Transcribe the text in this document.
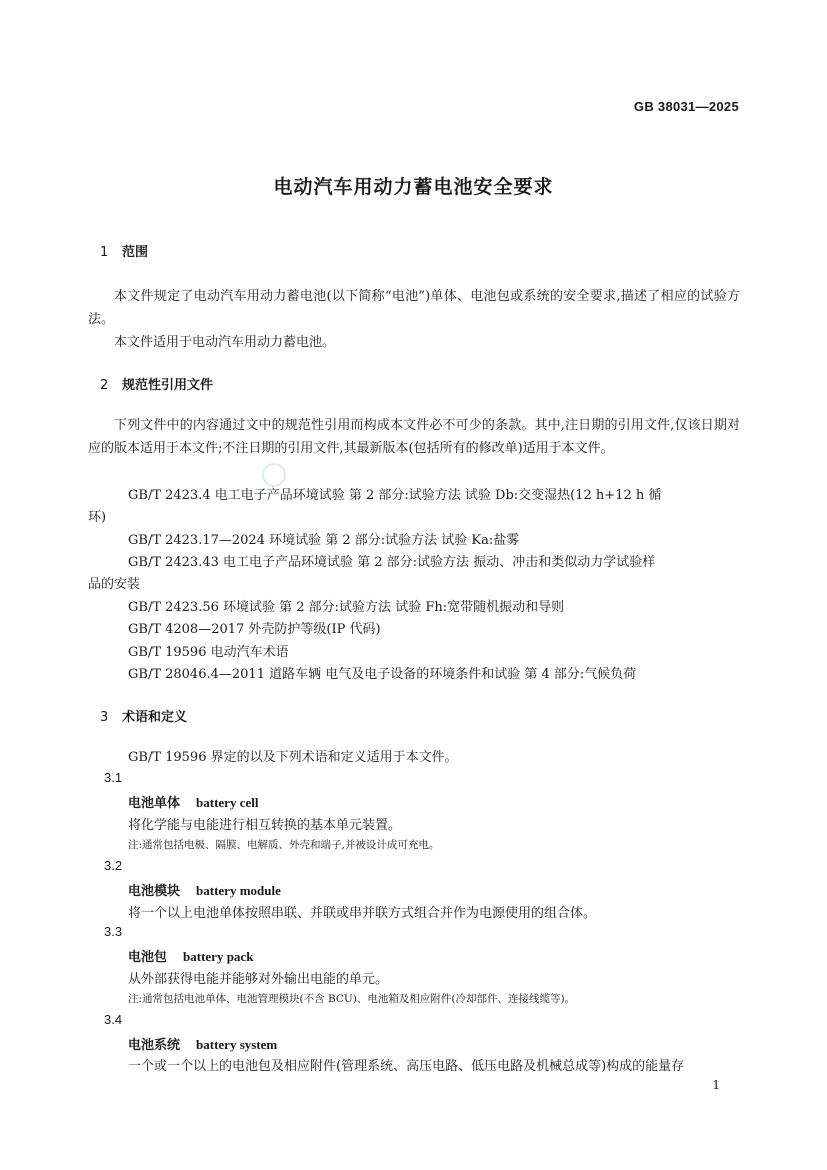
GB 38031—2025
电动汽车用动力蓄电池安全要求
1 范围
本文件规定了电动汽车用动力蓄电池(以下简称“电池”)单体、电池包或系统的安全要求,描述了相应的试验方法。
本文件适用于电动汽车用动力蓄电池。
2 规范性引用文件
下列文件中的内容通过文中的规范性引用而构成本文件必不可少的条款。其中,注日期的引用文件,仅该日期对应的版本适用于本文件;不注日期的引用文件,其最新版本(包括所有的修改单)适用于本文件。
GB/T 2423.4 电工电子产品环境试验 第 2 部分:试验方法 试验 Db:交变湿热(12 h+12 h 循
环)
GB/T 2423.17—2024 环境试验 第 2 部分:试验方法 试验 Ka:盐雾
GB/T 2423.43 电工电子产品环境试验 第 2 部分:试验方法 振动、冲击和类似动力学试验样
品的安装
GB/T 2423.56 环境试验 第 2 部分:试验方法 试验 Fh:宽带随机振动和导则
GB/T 4208—2017 外壳防护等级(IP 代码)
GB/T 19596 电动汽车术语
GB/T 28046.4—2011 道路车辆 电气及电子设备的环境条件和试验 第 4 部分:气候负荷
3 术语和定义
GB/T 19596 界定的以及下列术语和定义适用于本文件。
3.1
电池单体 battery cell
将化学能与电能进行相互转换的基本单元装置。
注:通常包括电极、隔膜、电解质、外壳和端子,并被设计成可充电。
3.2
电池模块 battery module
将一个以上电池单体按照串联、并联或串并联方式组合并作为电源使用的组合体。
3.3
电池包 battery pack
从外部获得电能并能够对外输出电能的单元。
注:通常包括电池单体、电池管理模块(不含 BCU)、电池箱及相应附件(冷却部件、连接线缆等)。
3.4
电池系统 battery system
一个或一个以上的电池包及相应附件(管理系统、高压电路、低压电路及机械总成等)构成的能量存
1
